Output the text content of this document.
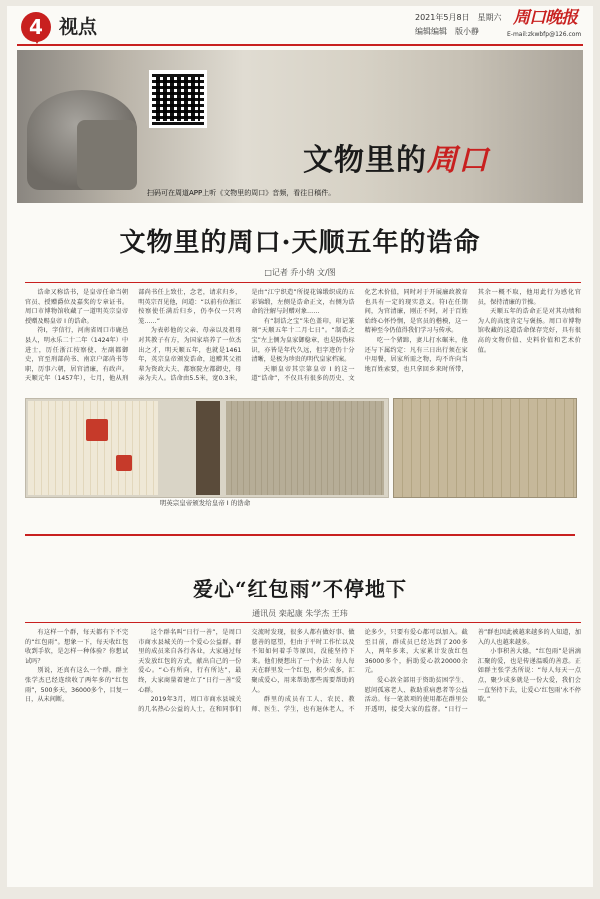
4 视点	2021年5月8日　星期六
编辑编辑　版小静
周口晚报
E-mail:zkwbfp@126.com
扫码可在周道APP上听《文物里的周口》音频，看往日稿件。
文物里的周口
文物里的周口·天顺五年的诰命
□记者 乔小纳 文/图

诰命又称诰书，是皇帝任命当朝官员、授赠爵位及嘉奖的专章证书。周口市博物馆收藏了一道明英宗皇帝授赠及赐皇帝 I 的诰命。

符Ⅰ，字信行，河南省周口市鹿邑县人，明永乐二十二年（1424年）中进士，历任浙江按察使、左副都御史，官至刑部尚书、南京户部尚书等职，历事六朝，居官清廉，有政声。天顺元年（1457年），七月，他从刑部尚书任上致仕，念老，请求归乡，明英宗召见他，问道：“以前有位浙江按察使任满后归乡，仍李仅一只鸡笼……”

为表彰他的父亲、母亲以及祖母对其教子有方，为国家培养了一位杰出之才，明天顺五年，也就是1461年，英宗皇帝颁发诰命，追赠其父祖辈为资政大夫、都察院左都御史，母亲为夫人。诰命由5.5米，宽0.3米，是由“江宁织造”所提花锦缎织成的五彩锦缎，左侧是诰命正文，右侧为诰命的注解与封赠对象……

有“制诰之宝”朱色盖印，印记篆刻“天顺五年十二月七日”。“制诰之宝”左上侧为皇家御稳章，也是防伪标识，亦皆是年代久远，但字迹仍十分清晰，是极为珍贵的明代皇家档案。

天顺皇帝其宗第皇帝 I 的这一道“诰命”，不仅具有很多的历史、文化艺术价值，同时对于开展廉政教育也具有一定的现实意义。符Ⅰ在任期间，为官清廉，刚正不阿，对于百姓始终心怀怜悯，是官员的楷模，这一精神至今仍值得我们学习与传承。

吃一个猪蹄，妻儿打水碾米，他还与下属约定：凡有三日出行须在家中用餐，居家所需之物，均不许向当地百姓索要，也只拿回乡来时所带，其余一概不取，他用此行为感化官员，保持清廉的节操。

天顺五年的诰命正是对其功绩和为人的高度肯定与褒扬。周口市博物馆收藏的这道诰命保存完好，具有很高的文物价值、史料价值和艺术价值。

明英宗皇帝颁发给皇帝 I 的诰命
爱心“红包雨”不停地下
通讯员 栾起康 朱学杰 王玮

有这样一个群，每天都有下不完的“红包雨”。想象一下，每天收红包收到手软，是怎样一种体验？你想试试吗？

别说，还真有这么一个群，群主张学杰已经连续收了两年多的“红包雨”，500多天，36000多个，目复一日，从未间断。

这个群名叫“日行一善”，是周口市商水县城关的一个爱心公益群。群里的成员来自各行各业，大家通过每天发放红包的方式，献出自己的一份爱心。“心有所向，行有所达”，最终，大家商量着建立了“日行一善”爱心群。

2019年3月，周口市商水县城关的几名热心公益的人士，在和同事们交流时发现，很多人都有做好事、做慈善的愿望，但由于平时工作忙以及不知如何着手等原因，没能坚持下来。他们便想出了一个办法：每人每天在群里发一个红包，积少成多，汇聚成爱心，用来帮助那些需要帮助的人。

群里的成员有工人、农民、教师、医生、学生，也有退休老人，不论多少，只要有爱心都可以加入。截至目前，群成员已经达到了200多人，两年多来，大家累计发放红包36000多个，捐助爱心款20000余元。

爱心款全部用于资助贫困学生、慰问孤寡老人、救助重病患者等公益活动。每一笔款项的使用都在群里公开透明，接受大家的监督。“日行一善”群也因此被越来越多的人知道，加入的人也越来越多。

小事积善大德，“红包雨”是涓滴汇聚的爱，也是传递温暖的善意。正如群主张学杰所说：“每人每天一点点，聚少成多就是一份大爱，我们会一直坚持下去，让爱心‘红包雨’永不停歇。”
